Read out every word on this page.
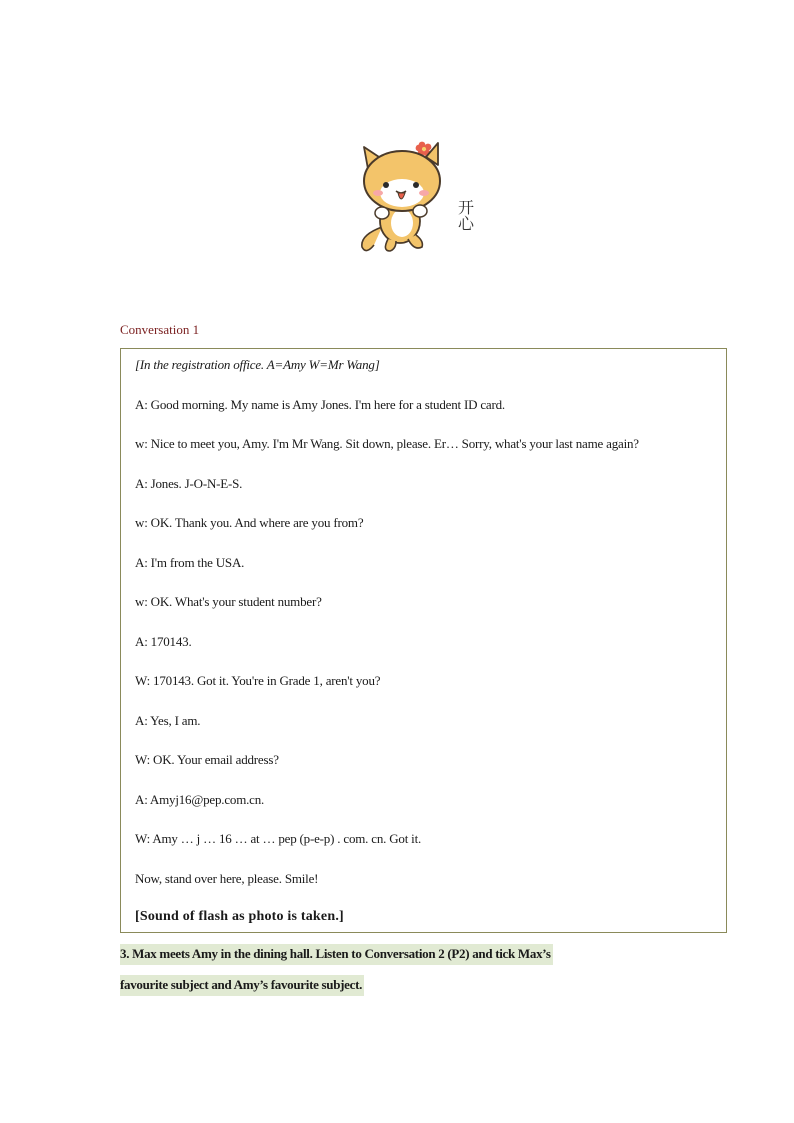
开心
Conversation 1
[In the registration office. A=Amy W=Mr Wang]
A: Good morning. My name is Amy Jones. I'm here for a student ID card.
w: Nice to meet you, Amy. I'm Mr Wang. Sit down, please. Er… Sorry, what's your last name again?
A: Jones. J-O-N-E-S.
w: OK. Thank you. And where are you from?
A: I'm from the USA.
w: OK. What's your student number?
A: 170143.
W: 170143. Got it. You're in Grade 1, aren't you?
A: Yes, I am.
W: OK. Your email address?
A: Amyj16@pep.com.cn.
W: Amy … j … 16 … at … pep (p-e-p) . com. cn. Got it.
Now, stand over here, please. Smile!
[Sound of flash as photo is taken.]
3. Max meets Amy in the dining hall. Listen to Conversation 2 (P2) and tick Max’s
favourite subject and Amy’s favourite subject.
